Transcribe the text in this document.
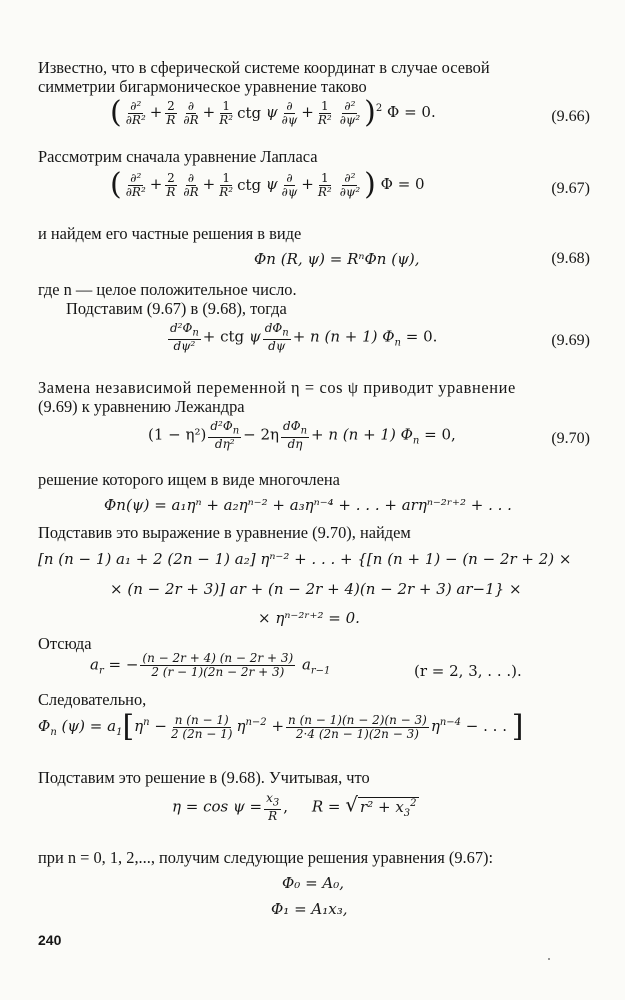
Известно, что в сферической системе координат в случае осевой
симметрии бигармоническое уравнение таково
( $\frac{\text{∂²}}{\text{∂R²}} + \frac{2}{R} \frac{\partial}{\partial R} + \frac{1}{\text{R²}}$ ctg ψ $\frac{\partial}{\partial\psi} + \frac{1}{\text{R²}} \frac{\text{∂²}}{\text{∂ψ²}} )^2$ Φ = 0.	(9.66)
Рассмотрим сначала уравнение Лапласа
( $\frac{\text{∂²}}{\text{∂R²}} + \frac{2}{R} \frac{\partial}{\partial R} + \frac{1}{\text{R²}}$ ctg ψ $\frac{\partial}{\partial\psi} + \frac{1}{\text{R²}} \frac{\text{∂²}}{\text{∂ψ²}}$ ) Φ = 0	(9.67)
и найдем его частные решения в виде
Φn (R, ψ) = RⁿΦn (ψ),	(9.68)
где n — целое положительное число.
Подставим (9.67) в (9.68), тогда
$\frac{d^2\Phi_n}{\text{dψ²}}$ + ctg ψ $\frac{d\Phi_n}{d\psi} + n$ (n + 1) $\Phi_n = 0$.	(9.69)
Замена независимой переменной η = cos ψ приводит уравнение
(9.69) к уравнению Лежандра
$(1 - \eta^2) \frac{d^2\Phi_n}{\text{dη²}} - 2\eta \frac{d\Phi_n}{d\eta} + n$ (n + 1) $\Phi_n = 0$,	(9.70)
решение которого ищем в виде многочлена
Φn(ψ) = a₁ηⁿ + a₂ηⁿ⁻² + a₃ηⁿ⁻⁴ + . . . + arηⁿ⁻²ʳ⁺² + . . .
Подставив это выражение в уравнение (9.70), найдем
[n (n − 1) a₁ + 2 (2n − 1) a₂] ηⁿ⁻² + . . . + {[n (n + 1) − (n − 2r + 2) ×
× (n − 2r + 3)] ar + (n − 2r + 4)(n − 2r + 3) ar−1} ×
× ηⁿ⁻²ʳ⁺² = 0.
Отсюда
$a_r$ = − $\frac{(n - 2r + 4) (n - 2r + 3)}{2 (r - 1)(2n - 2r + 3)} a_{r-1}$	(r = 2, 3, . . .).
Следовательно,
$\Phi_n$ $(\psi) = a_1[\eta^n - \frac{n (n - 1)}{2 (2n - 1)} \eta^{n-2} + \frac{n (n - 1)(n - 2)(n - 3)}{2\cdot 4 (2n - 1)(2n - 3)} \eta^{n-4}$ − . . . ]
Подставим это решение в (9.68). Учитывая, что
$\eta = \cos \psi = \frac{x_3}{R}$ , R = √ $r^2 + x_3^2$
при n = 0, 1, 2,..., получим следующие решения уравнения (9.67):
Φ₀ = A₀,
Φ₁ = A₁x₃,
240
